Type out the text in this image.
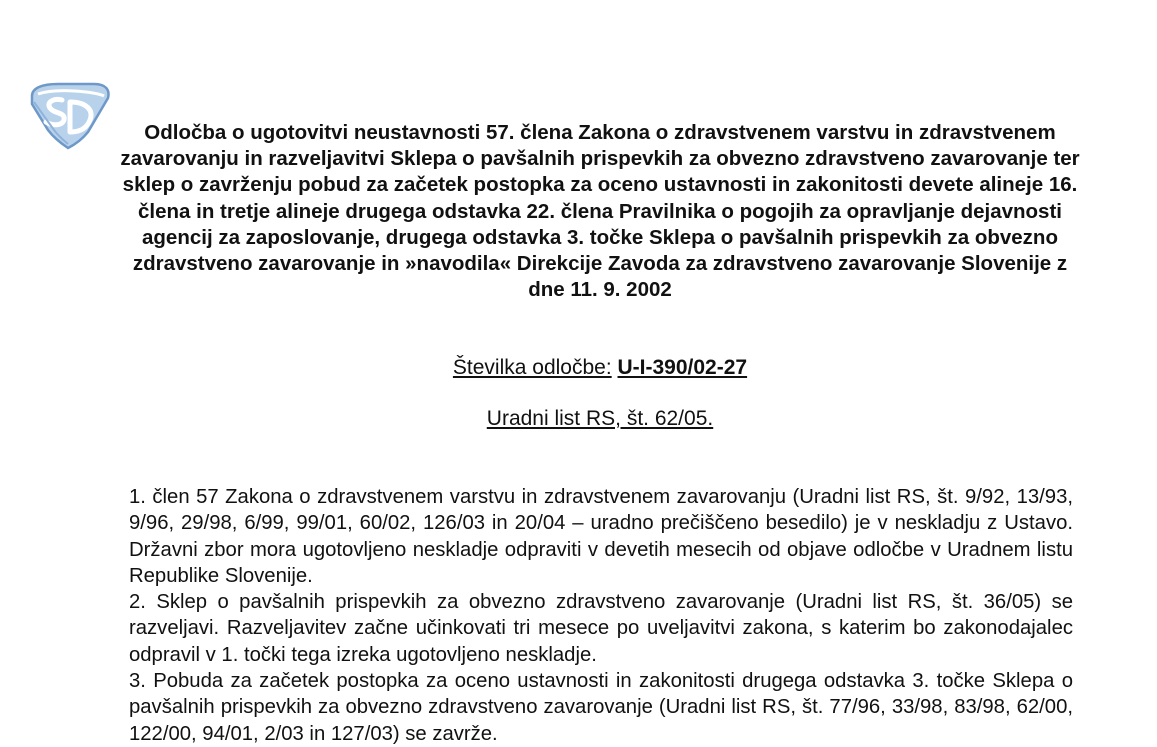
Odločba o ugotovitvi neustavnosti 57. člena Zakona o zdravstvenem varstvu in zdravstvenem zavarovanju in razveljavitvi Sklepa o pavšalnih prispevkih za obvezno zdravstveno zavarovanje ter sklep o zavrženju pobud za začetek postopka za oceno ustavnosti in zakonitosti devete alineje 16. člena in tretje alineje drugega odstavka 22. člena Pravilnika o pogojih za opravljanje dejavnosti agencij za zaposlovanje, drugega odstavka 3. točke Sklepa o pavšalnih prispevkih za obvezno zdravstveno zavarovanje in »navodila« Direkcije Zavoda za zdravstveno zavarovanje Slovenije z dne 11. 9. 2002
Številka odločbe: U-I-390/02-27
Uradni list RS, št. 62/05.

1. člen 57 Zakona o zdravstvenem varstvu in zdravstvenem zavarovanju (Uradni list RS, št. 9/92, 13/93, 9/96, 29/98, 6/99, 99/01, 60/02, 126/03 in 20/04 – uradno prečiščeno besedilo) je v neskladju z Ustavo. Državni zbor mora ugotovljeno neskladje odpraviti v devetih mesecih od objave odločbe v Uradnem listu Republike Slovenije.

2. Sklep o pavšalnih prispevkih za obvezno zdravstveno zavarovanje (Uradni list RS, št. 36/05) se razveljavi. Razveljavitev začne učinkovati tri mesece po uveljavitvi zakona, s katerim bo zakonodajalec odpravil v 1. točki tega izreka ugotovljeno neskladje.

3. Pobuda za začetek postopka za oceno ustavnosti in zakonitosti drugega odstavka 3. točke Sklepa o pavšalnih prispevkih za obvezno zdravstveno zavarovanje (Uradni list RS, št. 77/96, 33/98, 83/98, 62/00, 122/00, 94/01, 2/03 in 127/03) se zavrže.
